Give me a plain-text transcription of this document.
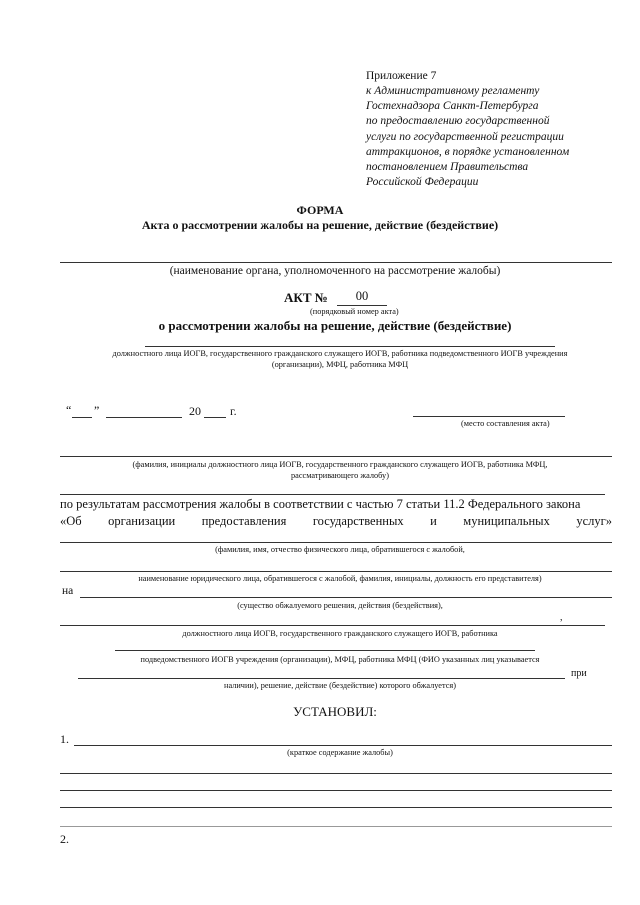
Приложение 7
к Административному регламенту
Гостехнадзора Санкт-Петербурга
по предоставлению государственной
услуги по государственной регистрации
аттракционов, в порядке установленном
постановлением Правительства
Российской Федерации
ФОРМА
Акта о рассмотрении жалобы на решение, действие (бездействие)
(наименование органа, уполномоченного на рассмотрение жалобы)
АКТ №	00
(порядковый номер акта)
о рассмотрении жалобы на решение, действие (бездействие)
должностного лица ИОГВ, государственного гражданского служащего ИОГВ, работника подведомственного ИОГВ учреждения
(организации), МФЦ, работника МФЦ
“ ”	20 г.
(место составления акта)
(фамилия, инициалы должностного лица ИОГВ, государственного гражданского служащего ИОГВ, работника МФЦ,
рассматривающего жалобу)
по результатам рассмотрения жалобы в соответствии с частью 7 статьи 11.2 Федерального закона
«Об организации предоставления государственных и муниципальных услуг»
(фамилия, имя, отчество физического лица, обратившегося с жалобой,
наименование юридического лица, обратившегося с жалобой, фамилия, инициалы, должность его представителя)
на
(существо обжалуемого решения, действия (бездействия),
,
должностного лица ИОГВ, государственного гражданского служащего ИОГВ, работника
подведомственного ИОГВ учреждения (организации), МФЦ, работника МФЦ (ФИО указанных лиц указывается
при
наличии), решение, действие (бездействие) которого обжалуется)
УСТАНОВИЛ:
1.
(краткое содержание жалобы)
2.
